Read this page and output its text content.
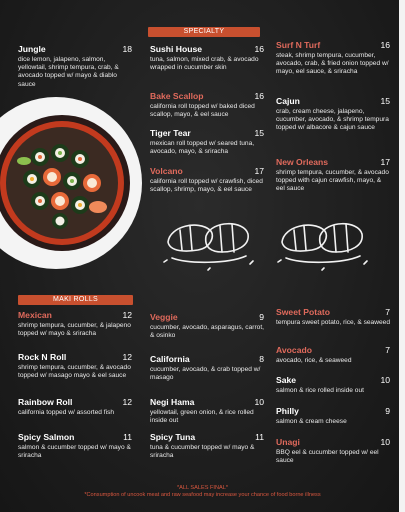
SPECIALTY
Jungle	18
dice lemon, jalapeno, salmon, yellowtail, shrimp tempura, crab, & avocado topped w/ mayo & diablo sauce
Sushi House	16
tuna, salmon, mixed crab, & avocado wrapped in cucumber skin
Bake Scallop	16
california roll topped w/ baked diced scallop, mayo, & eel sauce
Tiger Tear	15
mexican roll topped w/ seared tuna, avocado, mayo, & sriracha
Volcano	17
california roll topped w/ crawfish, diced scallop, shrimp, mayo, & eel sauce
Surf N Turf	16
steak, shrimp tempura, cucumber, avocado, crab, & fried onion topped w/ mayo, eel sauce, & sriracha
Cajun	15
crab, cream cheese, jalapeno, cucumber, avocado, & shrimp tempura topped w/ albacore & cajun sauce
New Orleans	17
shrimp tempura, cucumber, & avocado topped with cajun crawfish, mayo, & eel sauce
MAKI ROLLS
Mexican	12
shrimp tempura, cucumber, & jalapeno topped w/ mayo & sriracha
Rock N Roll	12
shrimp tempura, cucumber, & avocado topped w/ masago mayo & eel sauce
Rainbow Roll	12
california topped w/ assorted fish
Spicy Salmon	11
salmon & cucumber topped w/ mayo & sriracha
Veggie	9
cucumber, avocado, asparagus, carrot, & osinko
California	8
cucumber, avocado, & crab topped w/ masago
Negi Hama	10
yellowtail, green onion, & rice rolled inside out
Spicy Tuna	11
tuna & cucumber topped w/ mayo & sriracha
Sweet Potato	7
tempura sweet potato, rice, & seaweed
Avocado	7
avocado, rice, & seaweed
Sake	10
salmon & rice rolled inside out
Philly	9
salmon & cream cheese
Unagi	10
BBQ eel & cucumber topped w/ eel sauce
*ALL SALES FINAL*
*Consumption of uncook meat and raw seafood may increase your chance of food borne illness
